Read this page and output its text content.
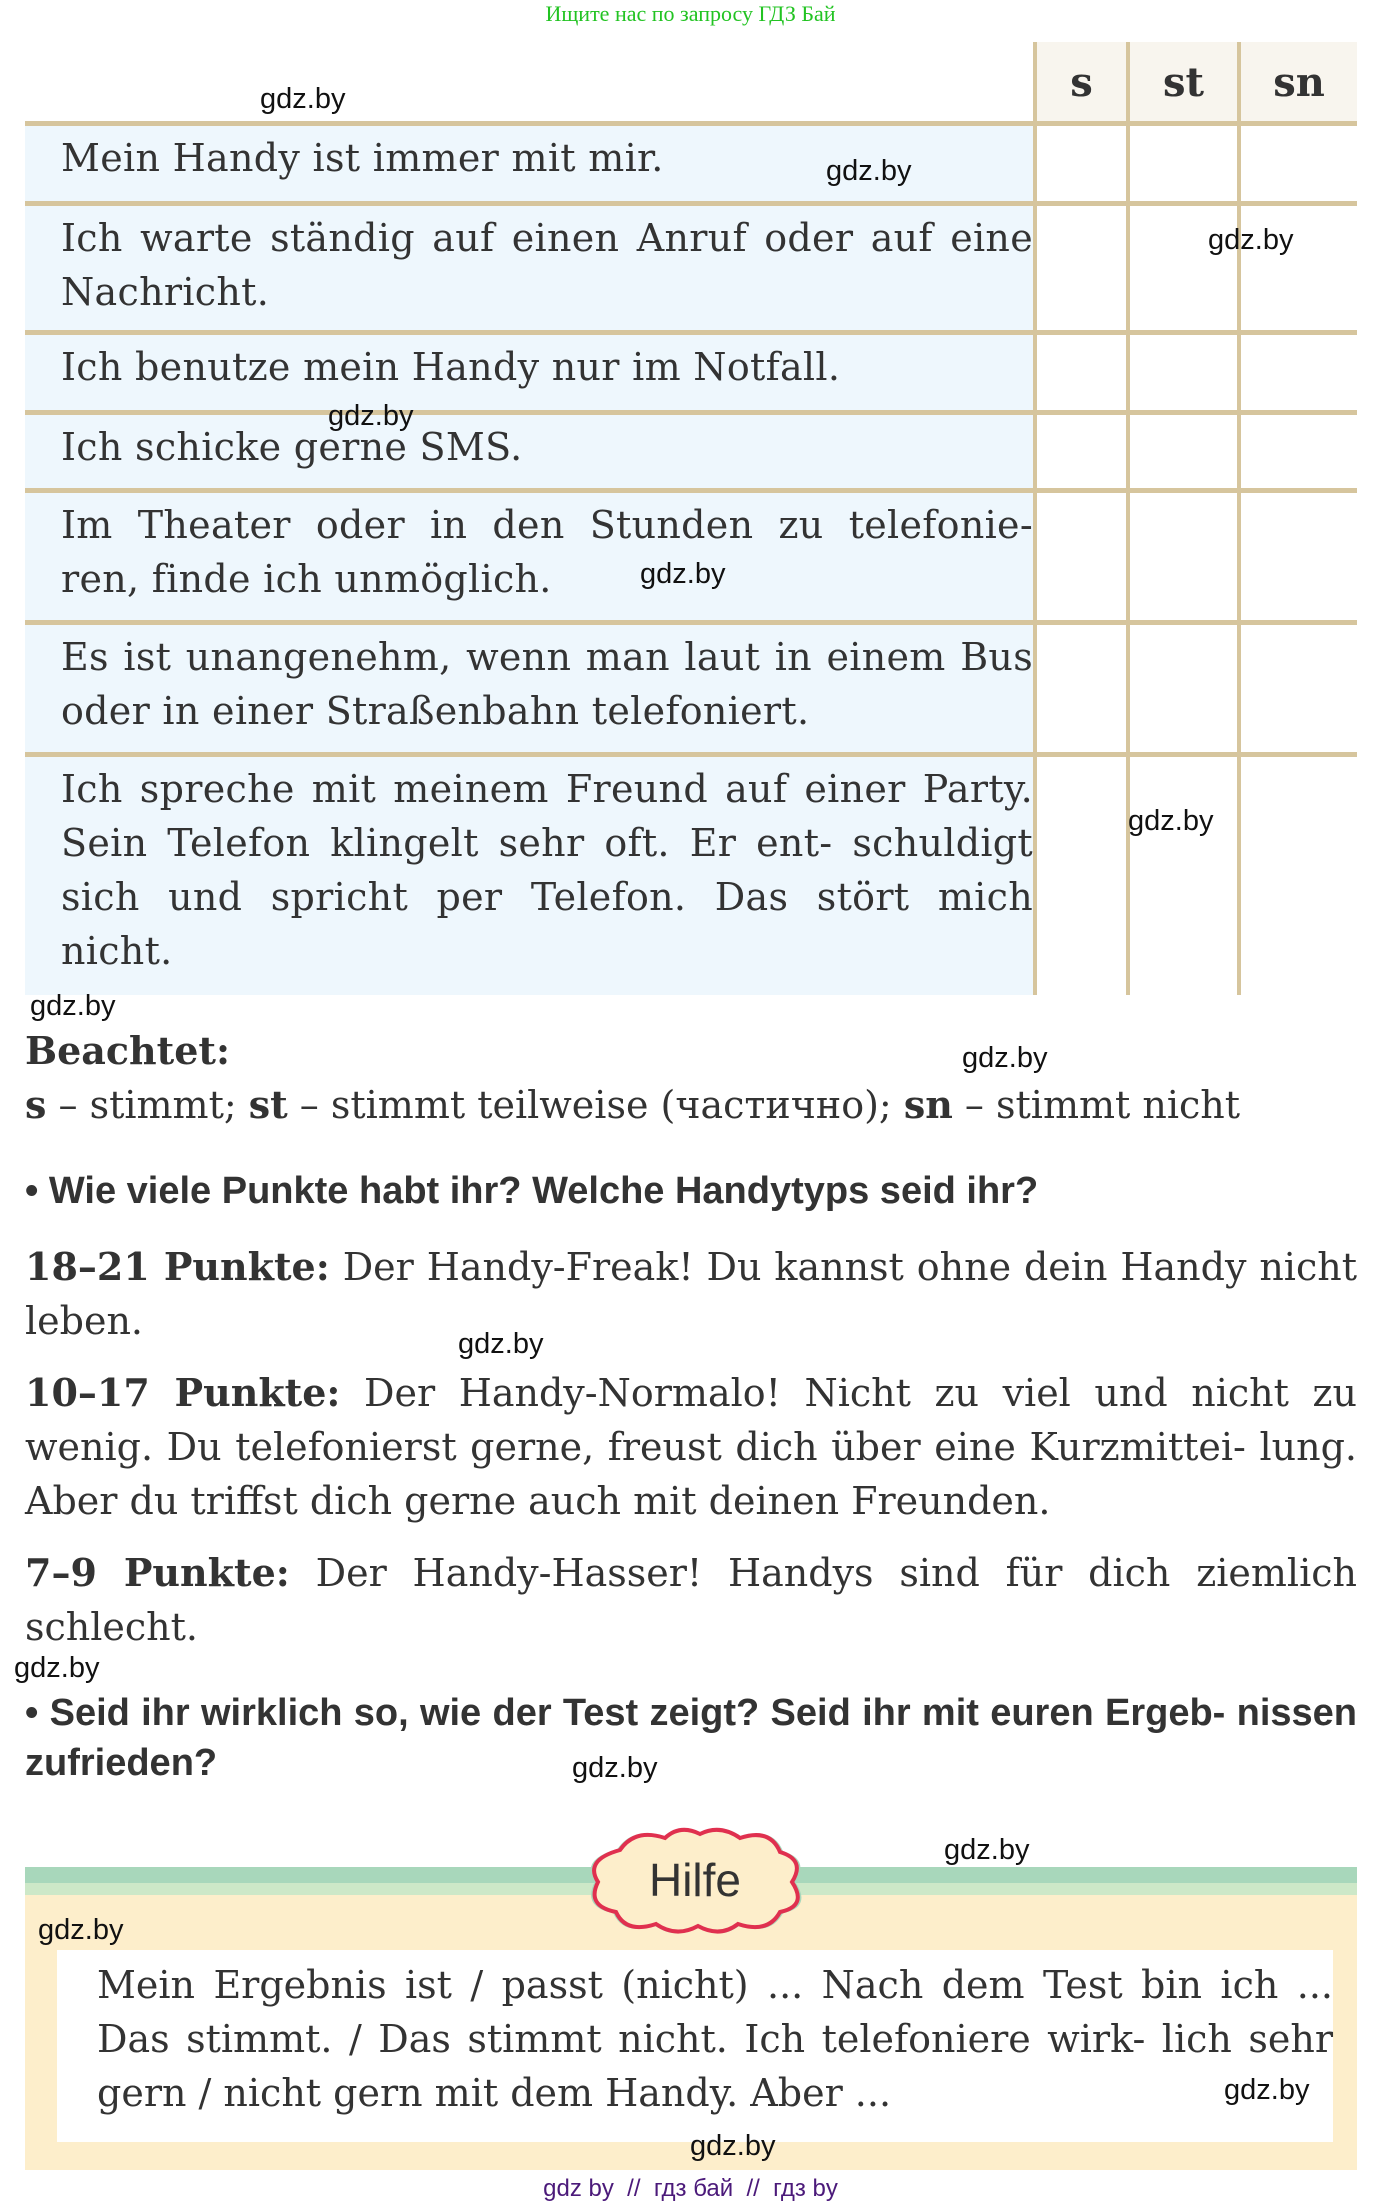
Ищите нас по запросу ГДЗ Бай
s	st	sn
Mein Handy ist immer mit mir.
Ich warte ständig auf einen Anruf oder auf eine Nachricht.
Ich benutze mein Handy nur im Notfall.
Ich schicke gerne SMS.
Im Theater oder in den Stunden zu telefonie- ren, finde ich unmöglich.
Es ist unangenehm, wenn man laut in einem Bus oder in einer Straßenbahn telefoniert.
Ich spreche mit meinem Freund auf einer Party. Sein Telefon klingelt sehr oft. Er ent- schuldigt sich und spricht per Telefon. Das stört mich nicht.
Beachtet:
s – stimmt; st – stimmt teilweise (частично); sn – stimmt nicht
• Wie viele Punkte habt ihr? Welche Handytyps seid ihr?
18–21 Punkte: Der Handy-Freak! Du kannst ohne dein Handy nicht leben.
10–17 Punkte: Der Handy-Normalo! Nicht zu viel und nicht zu wenig. Du telefonierst gerne, freust dich über eine Kurzmittei- lung. Aber du triffst dich gerne auch mit deinen Freunden.
7–9 Punkte: Der Handy-Hasser! Handys sind für dich ziemlich schlecht.
• Seid ihr wirklich so, wie der Test zeigt? Seid ihr mit euren Ergeb- nissen zufrieden?
Mein Ergebnis ist / passt (nicht) ... Nach dem Test bin ich ... Das stimmt. / Das stimmt nicht. Ich telefoniere wirk- lich sehr gern / nicht gern mit dem Handy. Aber ...
Hilfe
gdz.by
gdz.by
gdz.by
gdz.by
gdz.by
gdz.by
gdz.by
gdz.by
gdz.by
gdz.by
gdz.by
gdz.by
gdz.by
gdz.by
gdz.by
gdz by  //  гдз бай  //  гдз by
